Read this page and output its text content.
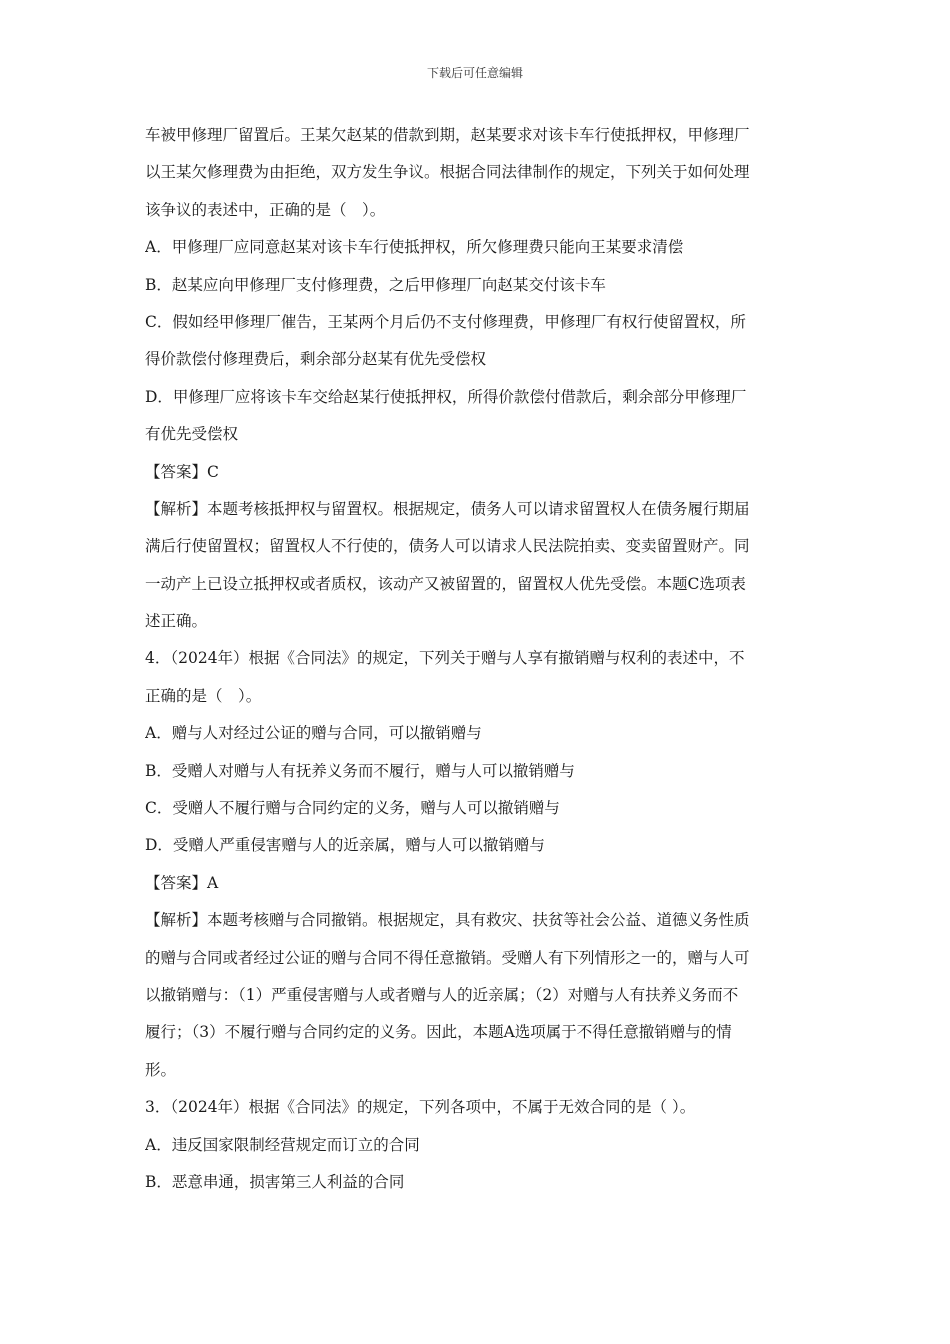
下载后可任意编辑
车被甲修理厂留置后。王某欠赵某的借款到期，赵某要求对该卡车行使抵押权，甲修理厂
以王某欠修理费为由拒绝，双方发生争议。根据合同法律制作的规定，下列关于如何处理
该争议的表述中，正确的是（　）。
A．甲修理厂应同意赵某对该卡车行使抵押权，所欠修理费只能向王某要求清偿
B．赵某应向甲修理厂支付修理费，之后甲修理厂向赵某交付该卡车
C．假如经甲修理厂催告，王某两个月后仍不支付修理费，甲修理厂有权行使留置权，所
得价款偿付修理费后，剩余部分赵某有优先受偿权
D．甲修理厂应将该卡车交给赵某行使抵押权，所得价款偿付借款后，剩余部分甲修理厂
有优先受偿权
【答案】C
【解析】本题考核抵押权与留置权。根据规定，债务人可以请求留置权人在债务履行期届
满后行使留置权；留置权人不行使的，债务人可以请求人民法院拍卖、变卖留置财产。同
一动产上已设立抵押权或者质权，该动产又被留置的，留置权人优先受偿。本题C选项表
述正确。
4．（2024年）根据《合同法》的规定，下列关于赠与人享有撤销赠与权利的表述中，不
正确的是（　）。
A．赠与人对经过公证的赠与合同，可以撤销赠与
B．受赠人对赠与人有抚养义务而不履行，赠与人可以撤销赠与
C．受赠人不履行赠与合同约定的义务，赠与人可以撤销赠与
D．受赠人严重侵害赠与人的近亲属，赠与人可以撤销赠与
【答案】A
【解析】本题考核赠与合同撤销。根据规定，具有救灾、扶贫等社会公益、道德义务性质
的赠与合同或者经过公证的赠与合同不得任意撤销。受赠人有下列情形之一的，赠与人可
以撤销赠与：（1）严重侵害赠与人或者赠与人的近亲属；（2）对赠与人有扶养义务而不
履行；（3）不履行赠与合同约定的义务。因此，本题A选项属于不得任意撤销赠与的情
形。
3．（2024年）根据《合同法》的规定，下列各项中，不属于无效合同的是（ ）。
A．违反国家限制经营规定而订立的合同
B．恶意串通，损害第三人利益的合同
